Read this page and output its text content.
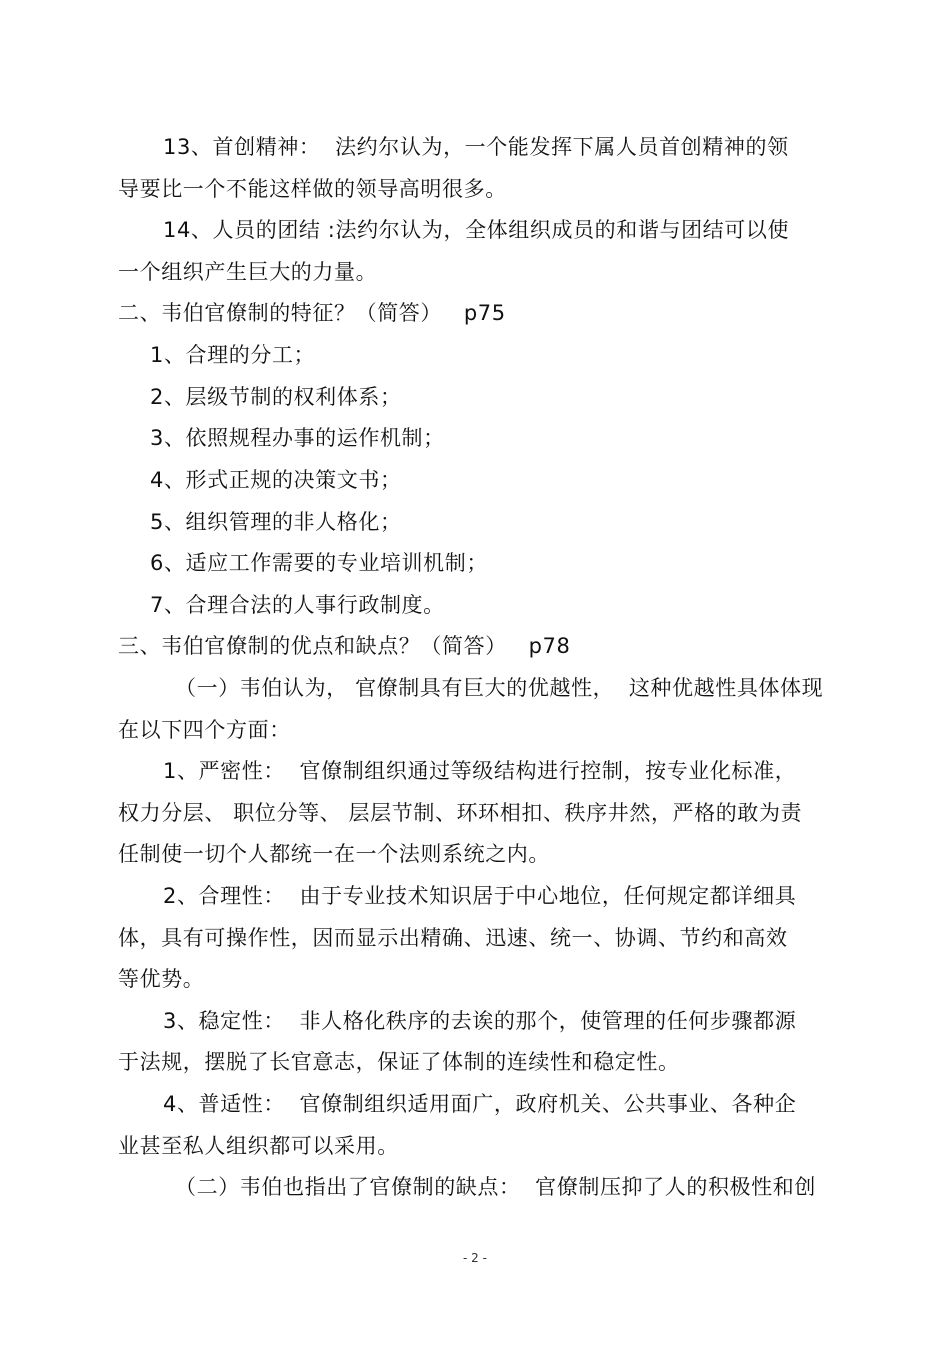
13、首创精神：  法约尔认为，一个能发挥下属人员首创精神的领
导要比一个不能这样做的领导高明很多。
14、人员的团结 :法约尔认为，全体组织成员的和谐与团结可以使
一个组织产生巨大的力量。
二、韦伯官僚制的特征？（简答）   p75
1、合理的分工；
2、层级节制的权利体系；
3、依照规程办事的运作机制；
4、形式正规的决策文书；
5、组织管理的非人格化；
6、适应工作需要的专业培训机制；
7、合理合法的人事行政制度。
三、韦伯官僚制的优点和缺点？（简答）   p78
（一）韦伯认为， 官僚制具有巨大的优越性，  这种优越性具体体现
在以下四个方面：
1、严密性：  官僚制组织通过等级结构进行控制，按专业化标准，
权力分层、 职位分等、 层层节制、环环相扣、秩序井然，严格的敢为责
任制使一切个人都统一在一个法则系统之内。
2、合理性：  由于专业技术知识居于中心地位，任何规定都详细具
体，具有可操作性，因而显示出精确、迅速、统一、协调、节约和高效
等优势。
3、稳定性：  非人格化秩序的去诶的那个，使管理的任何步骤都源
于法规，摆脱了长官意志，保证了体制的连续性和稳定性。
4、普适性：  官僚制组织适用面广，政府机关、公共事业、各种企
业甚至私人组织都可以采用。
（二）韦伯也指出了官僚制的缺点：  官僚制压抑了人的积极性和创
- 2 -
